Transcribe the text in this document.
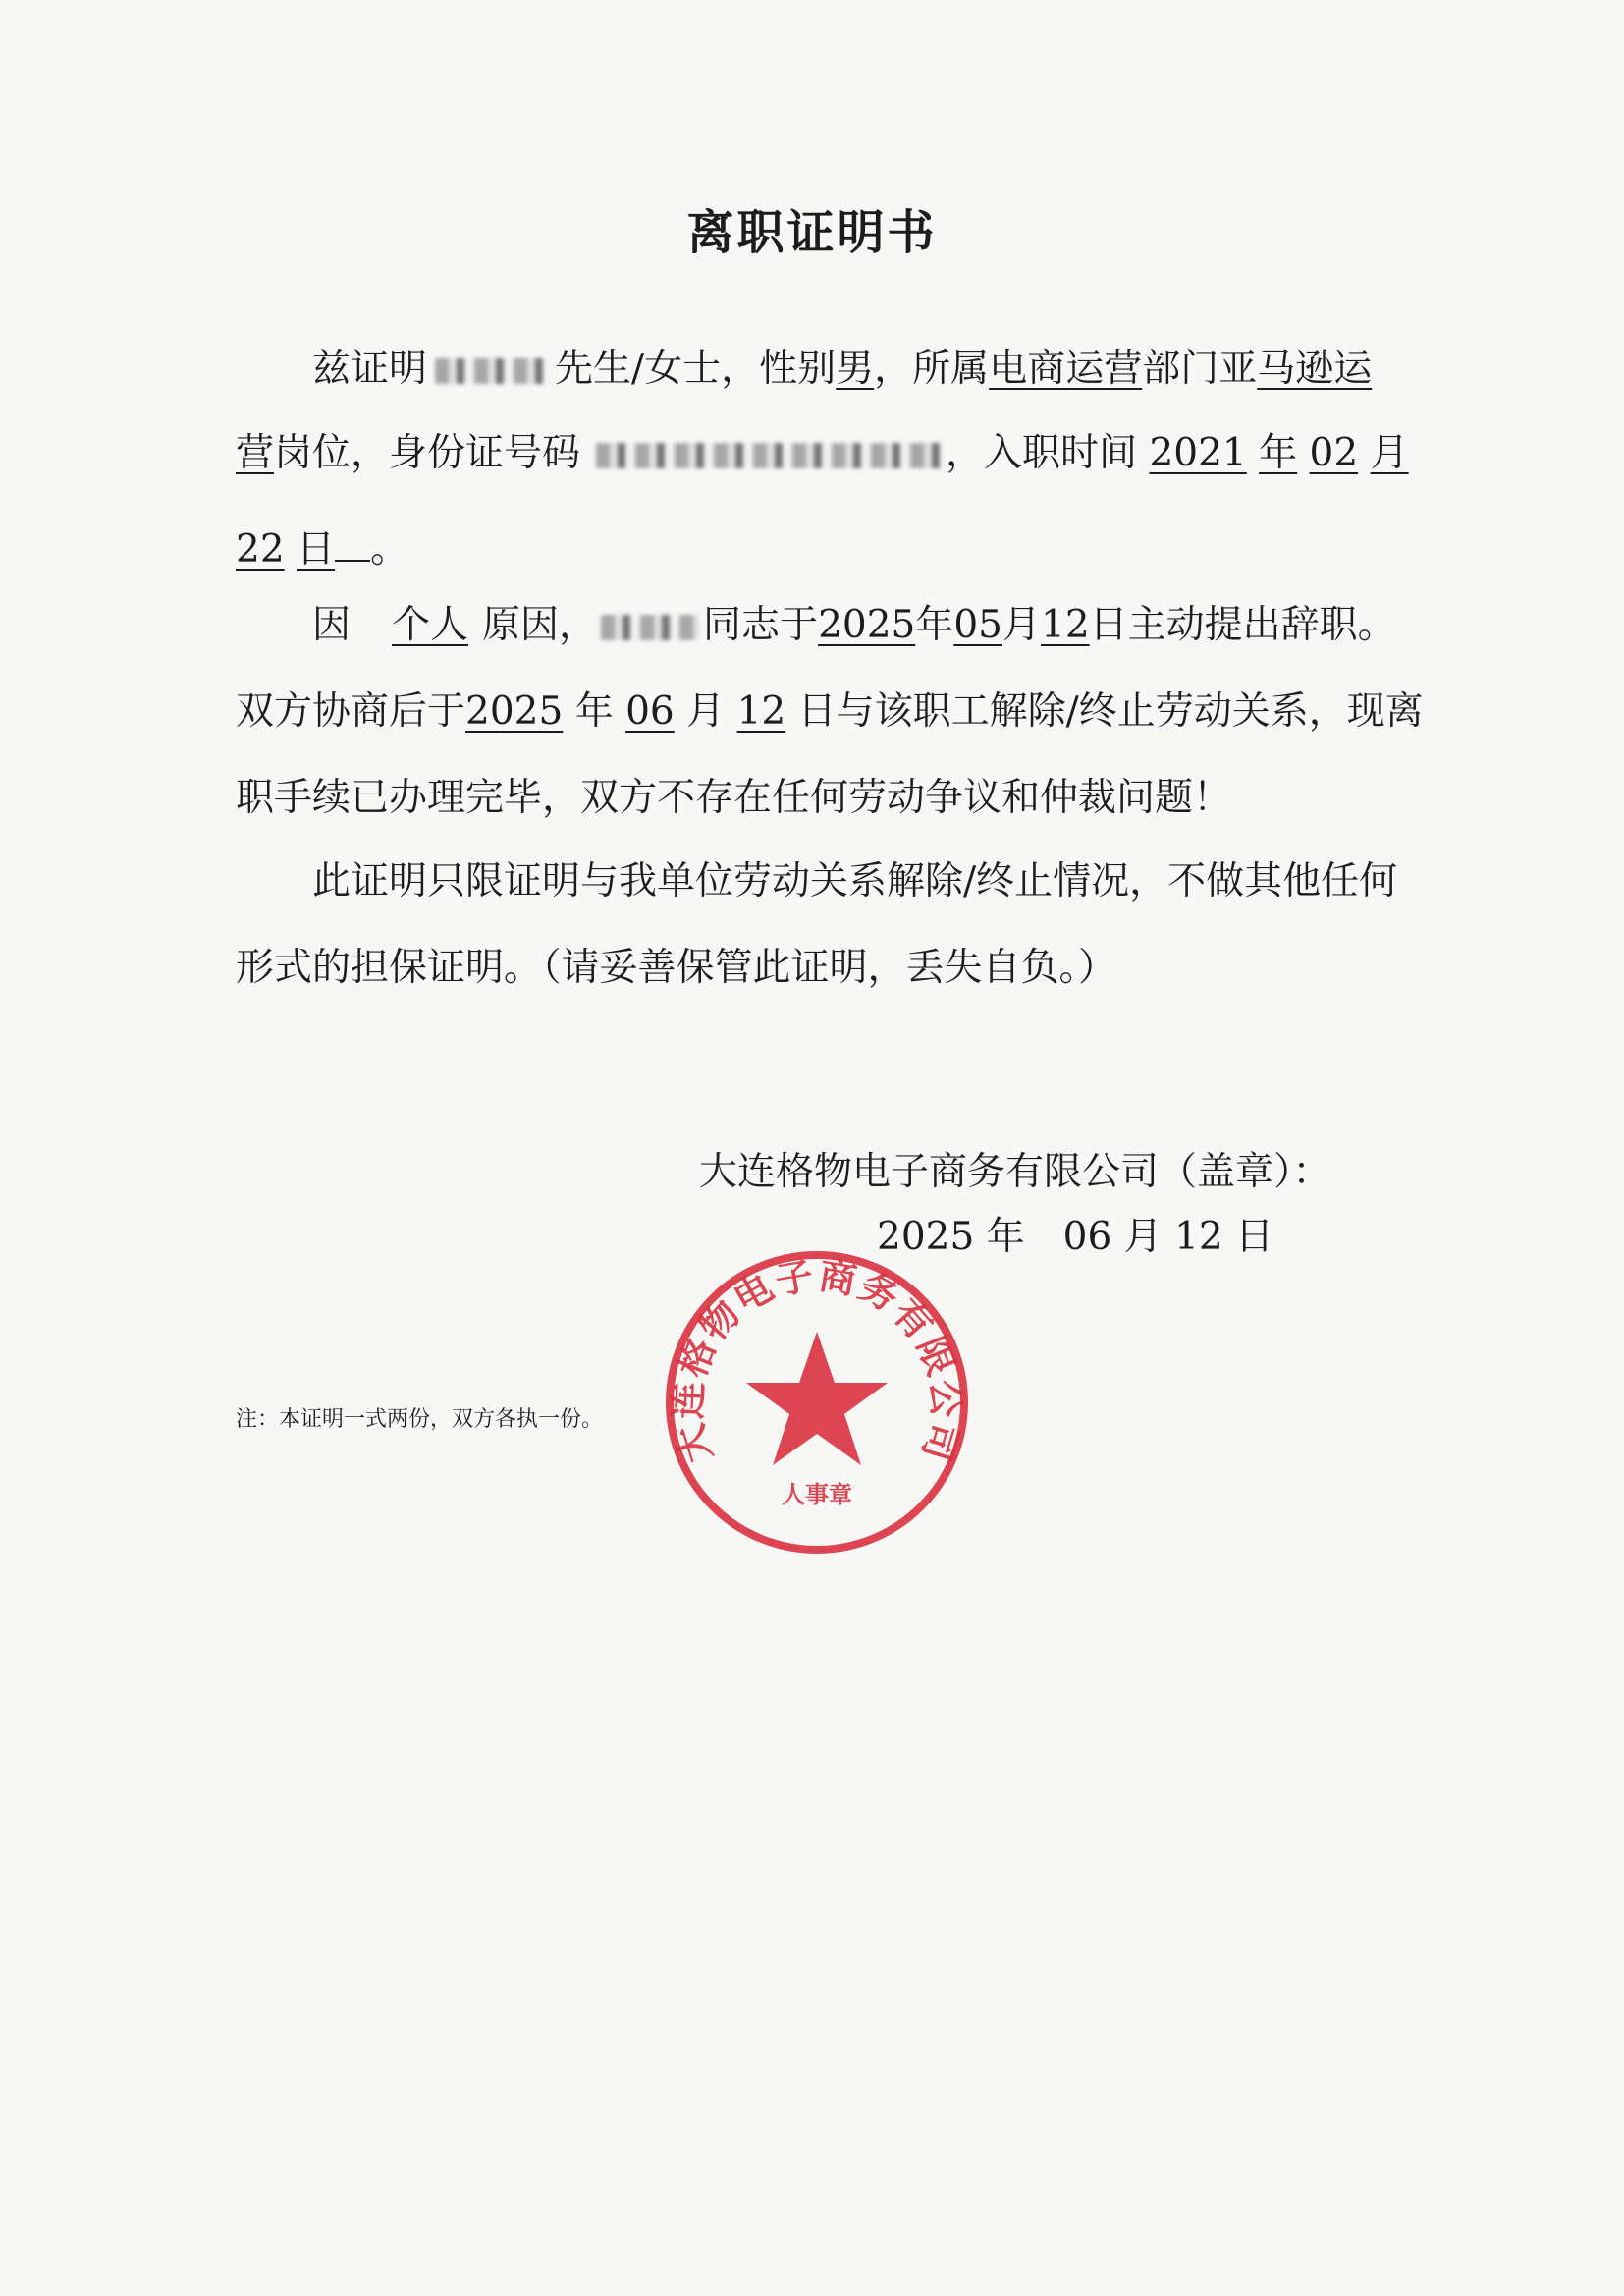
离职证明书
兹证明	先生/女士，性别男，所属电商运营部门亚马逊运
营岗位，身份证号码	，入职时间 2021 年 02 月
22 日 。
因 个人 原因，	同志于2025年05月12日主动提出辞职。
双方协商后于2025 年 06 月 12 日与该职工解除/终止劳动关系，现离
职手续已办理完毕，双方不存在任何劳动争议和仲裁问题！
此证明只限证明与我单位劳动关系解除/终止情况，不做其他任何
形式的担保证明。（请妥善保管此证明，丢失自负。）
大连格物电子商务有限公司（盖章）：
2025 年　06 月 12 日
注：本证明一式两份，双方各执一份。 大连格物电子商务有限公司
人事章
